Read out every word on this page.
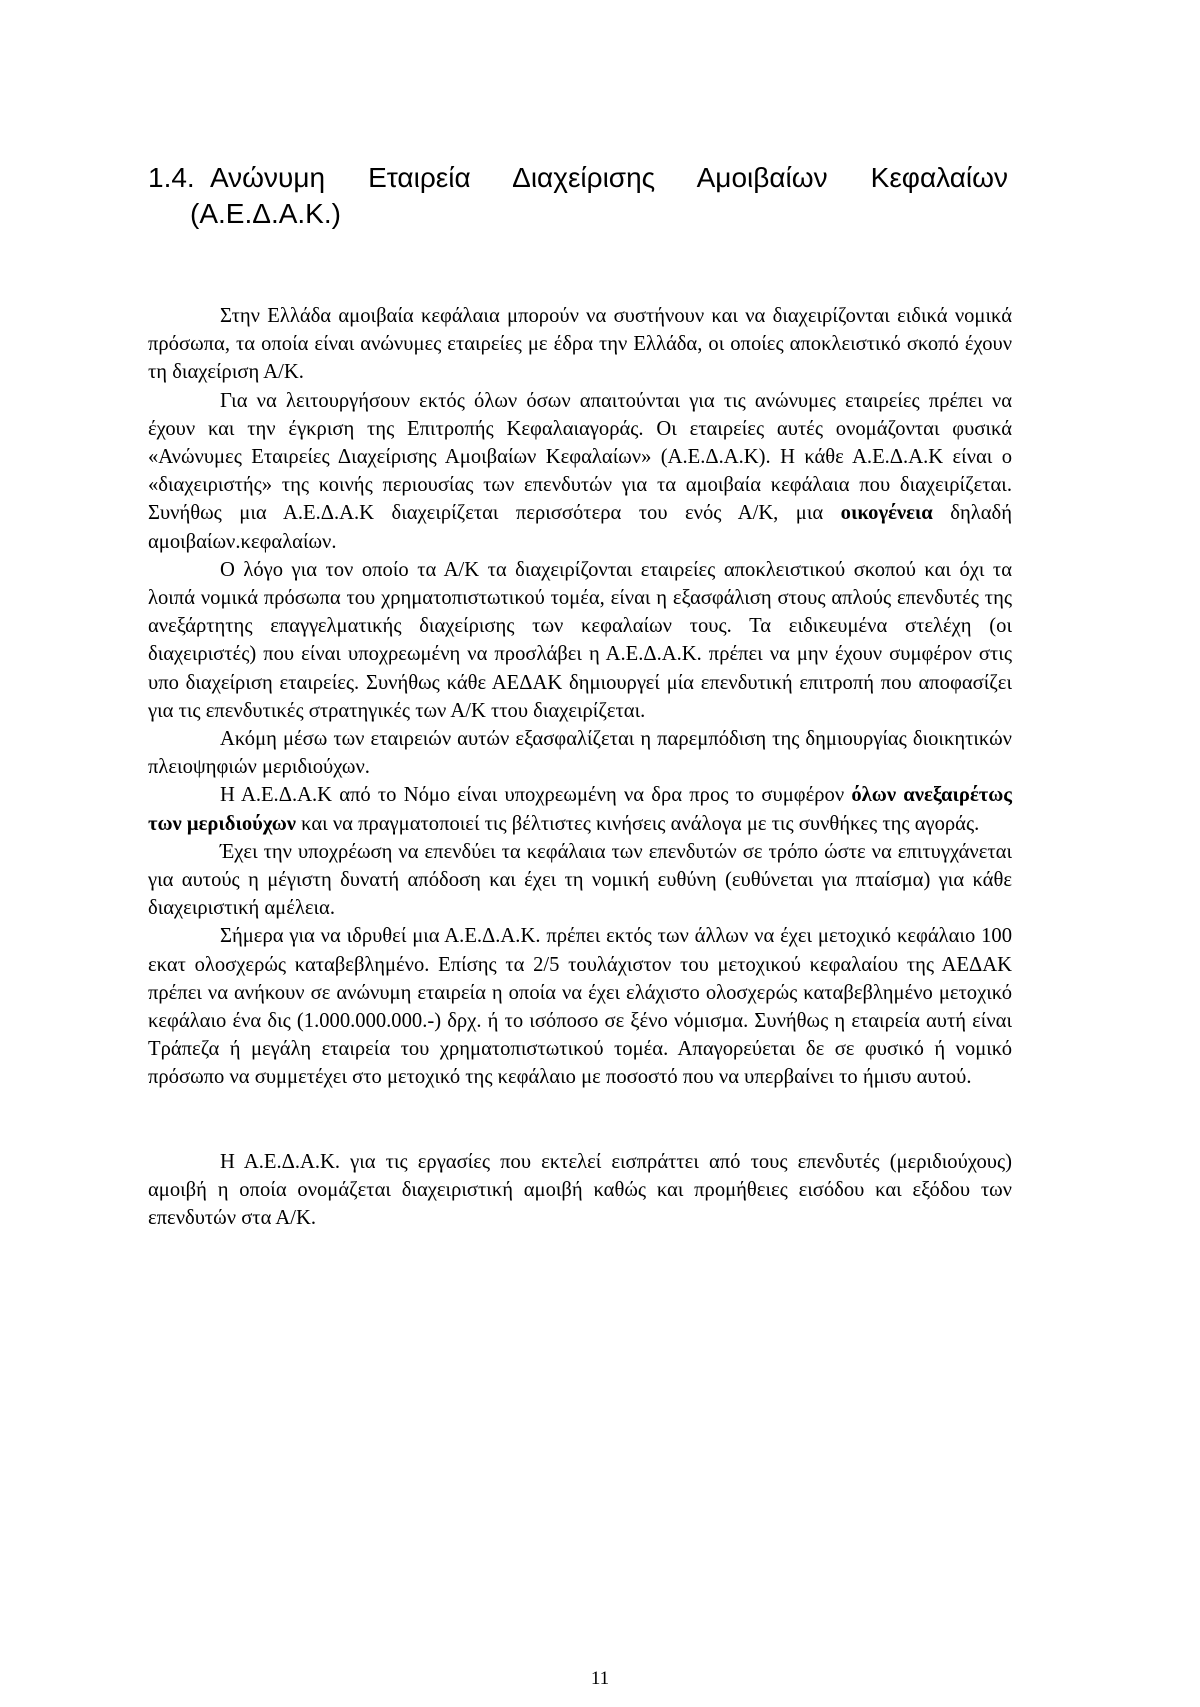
1.4. Ανώνυμη Εταιρεία Διαχείρισης Αμοιβαίων Κεφαλαίων
(Α.Ε.Δ.Α.Κ.)

Στην Ελλάδα αμοιβαία κεφάλαια μπορούν να συστήνουν και να διαχειρίζονται ειδικά νομικά πρόσωπα, τα οποία είναι ανώνυμες εταιρείες με έδρα την Ελλάδα, οι οποίες αποκλειστικό σκοπό έχουν τη διαχείριση Α/Κ.

Για να λειτουργήσουν εκτός όλων όσων απαιτούνται για τις ανώνυμες εταιρείες πρέπει να έχουν και την έγκριση της Επιτροπής Κεφαλαιαγοράς. Οι εταιρείες αυτές ονομάζονται φυσικά «Ανώνυμες Εταιρείες Διαχείρισης Αμοιβαίων Κεφαλαίων» (Α.Ε.Δ.Α.Κ). Η κάθε Α.Ε.Δ.Α.Κ είναι ο «διαχειριστής» της κοινής περιουσίας των επενδυτών για τα αμοιβαία κεφάλαια που διαχειρίζεται. Συνήθως μια Α.Ε.Δ.Α.Κ διαχειρίζεται περισσότερα του ενός Α/Κ, μια οικογένεια δηλαδή αμοιβαίων.κεφαλαίων.

Ο λόγο για τον οποίο τα Α/Κ τα διαχειρίζονται εταιρείες αποκλειστικού σκοπού και όχι τα λοιπά νομικά πρόσωπα του χρηματοπιστωτικού τομέα, είναι η εξασφάλιση στους απλούς επενδυτές της ανεξάρτητης επαγγελματικής διαχείρισης των κεφαλαίων τους. Τα ειδικευμένα στελέχη (οι διαχειριστές) που είναι υποχρεωμένη να προσλάβει η Α.Ε.Δ.Α.Κ. πρέπει να μην έχουν συμφέρον στις υπο διαχείριση εταιρείες. Συνήθως κάθε ΑΕΔΑΚ δημιουργεί μία επενδυτική επιτροπή που αποφασίζει για τις επενδυτικές στρατηγικές των Α/Κ ττου διαχειρίζεται.

Ακόμη μέσω των εταιρειών αυτών εξασφαλίζεται η παρεμπόδιση της δημιουργίας διοικητικών πλειοψηφιών μεριδιούχων.

Η Α.Ε.Δ.Α.Κ από το Νόμο είναι υποχρεωμένη να δρα προς το συμφέρον όλων ανεξαιρέτως των μεριδιούχων και να πραγματοποιεί τις βέλτιστες κινήσεις ανάλογα με τις συνθήκες της αγοράς.

Έχει την υποχρέωση να επενδύει τα κεφάλαια των επενδυτών σε τρόπο ώστε να επιτυγχάνεται για αυτούς η μέγιστη δυνατή απόδοση και έχει τη νομική ευθύνη (ευθύνεται για πταίσμα) για κάθε διαχειριστική αμέλεια.

Σήμερα για να ιδρυθεί μια Α.Ε.Δ.Α.Κ. πρέπει εκτός των άλλων να έχει μετοχικό κεφάλαιο 100 εκατ ολοσχερώς καταβεβλημένο. Επίσης τα 2/5 τουλάχιστον του μετοχικού κεφαλαίου της ΑΕΔΑΚ πρέπει να ανήκουν σε ανώνυμη εταιρεία η οποία να έχει ελάχιστο ολοσχερώς καταβεβλημένο μετοχικό κεφάλαιο ένα δις (1.000.000.000.-) δρχ. ή το ισόποσο σε ξένο νόμισμα. Συνήθως η εταιρεία αυτή είναι Τράπεζα ή μεγάλη εταιρεία του χρηματοπιστωτικού τομέα. Απαγορεύεται δε σε φυσικό ή νομικό πρόσωπο να συμμετέχει στο μετοχικό της κεφάλαιο με ποσοστό που να υπερβαίνει το ήμισυ αυτού.

Η Α.Ε.Δ.Α.Κ. για τις εργασίες που εκτελεί εισπράττει από τους επενδυτές (μεριδιούχους) αμοιβή η οποία ονομάζεται διαχειριστική αμοιβή καθώς και προμήθειες εισόδου και εξόδου των επενδυτών στα Α/Κ.

11
